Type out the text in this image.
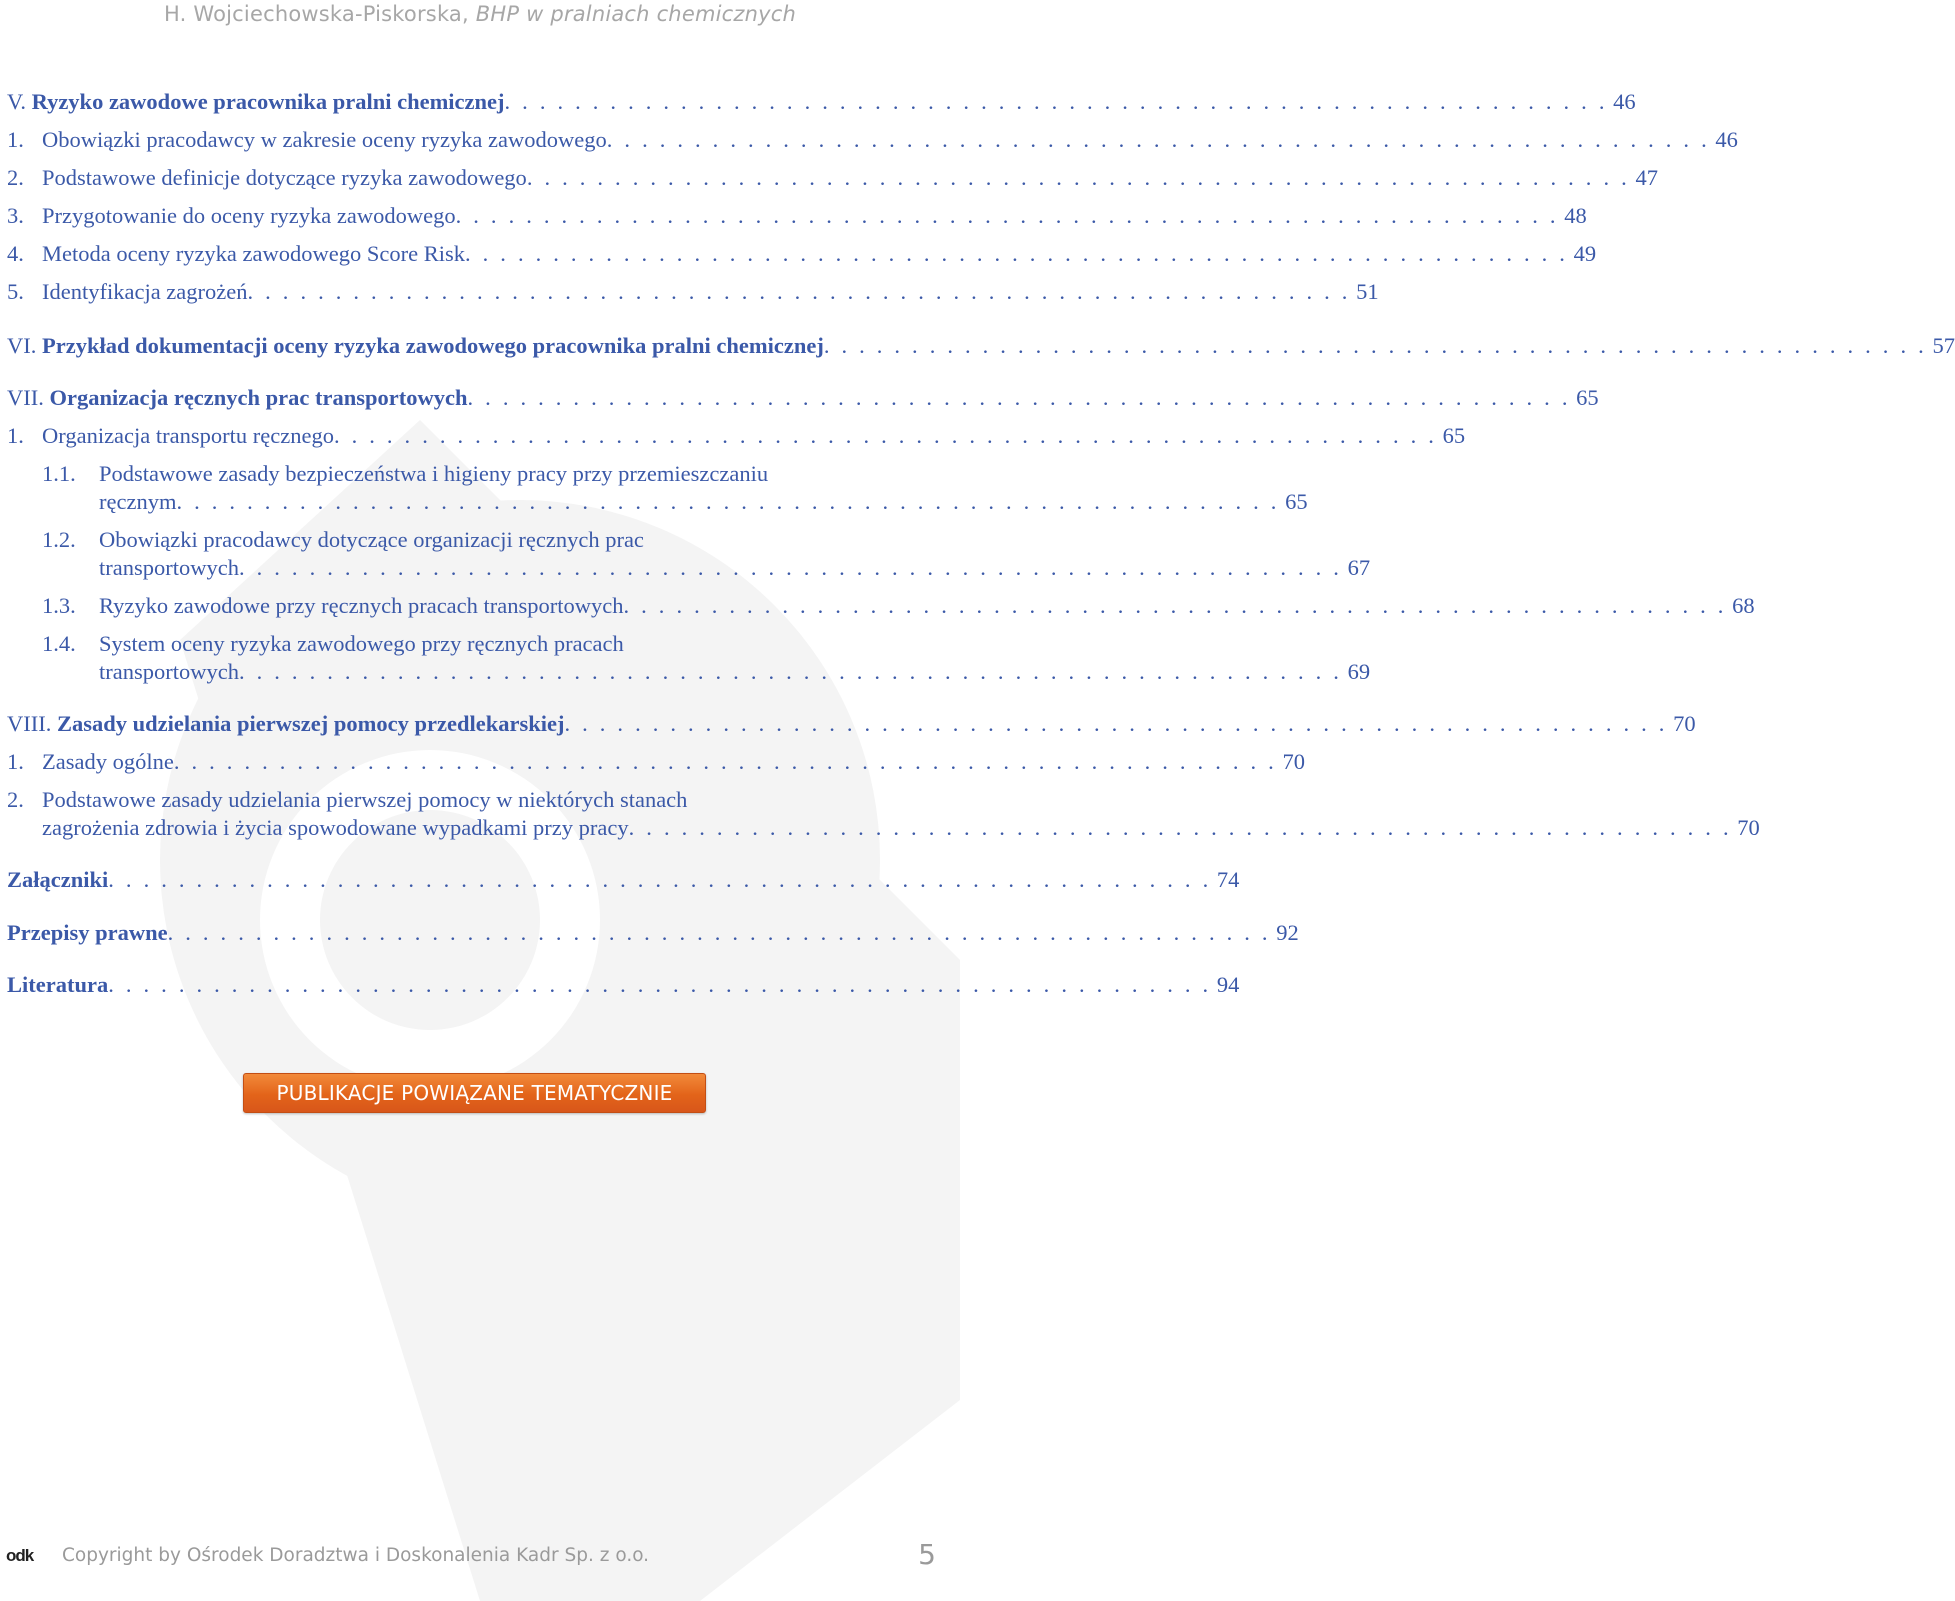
H. Wojciechowska-Piskorska, BHP w pralniach chemicznych
V. Ryzyko zawodowe pracownika pralni chemicznej . . . . . . . . . . . . . . . . . . . . . . . . . . . . . . . . . . . . . . . . . . . . . . . . . . . . . . . . . . . . . . . 46
1. Obowiązki pracodawcy w zakresie oceny ryzyka zawodowego . . . . . . . . . . . . . . . . . . . . . . . . . . . . . . . . . . . . . . . . . . . . . . . . . . . . . . . . . . . . . . . 46
2. Podstawowe definicje dotyczące ryzyka zawodowego . . . . . . . . . . . . . . . . . . . . . . . . . . . . . . . . . . . . . . . . . . . . . . . . . . . . . . . . . . . . . . . 47
3. Przygotowanie do oceny ryzyka zawodowego . . . . . . . . . . . . . . . . . . . . . . . . . . . . . . . . . . . . . . . . . . . . . . . . . . . . . . . . . . . . . . . 48
4. Metoda oceny ryzyka zawodowego Score Risk . . . . . . . . . . . . . . . . . . . . . . . . . . . . . . . . . . . . . . . . . . . . . . . . . . . . . . . . . . . . . . . 49
5. Identyfikacja zagrożeń . . . . . . . . . . . . . . . . . . . . . . . . . . . . . . . . . . . . . . . . . . . . . . . . . . . . . . . . . . . . . . . 51
VI. Przykład dokumentacji oceny ryzyka zawodowego pracownika pralni chemicznej . . . . . . . . . . . . . . . . . . . . . . . . . . . . . . . . . . . . . . . . . . . . . . . . . . . . . . . . . . . . . . . 57
VII. Organizacja ręcznych prac transportowych . . . . . . . . . . . . . . . . . . . . . . . . . . . . . . . . . . . . . . . . . . . . . . . . . . . . . . . . . . . . . . . 65
1. Organizacja transportu ręcznego . . . . . . . . . . . . . . . . . . . . . . . . . . . . . . . . . . . . . . . . . . . . . . . . . . . . . . . . . . . . . . . 65
1.1.	Podstawowe zasady bezpieczeństwa i higieny pracy przy przemieszczaniu
ręcznym . . . . . . . . . . . . . . . . . . . . . . . . . . . . . . . . . . . . . . . . . . . . . . . . . . . . . . . . . . . . . . . 65
1.2.	Obowiązki pracodawcy dotyczące organizacji ręcznych prac
transportowych . . . . . . . . . . . . . . . . . . . . . . . . . . . . . . . . . . . . . . . . . . . . . . . . . . . . . . . . . . . . . . . 67
1.3.	Ryzyko zawodowe przy ręcznych pracach transportowych . . . . . . . . . . . . . . . . . . . . . . . . . . . . . . . . . . . . . . . . . . . . . . . . . . . . . . . . . . . . . . . 68
1.4.	System oceny ryzyka zawodowego przy ręcznych pracach
transportowych . . . . . . . . . . . . . . . . . . . . . . . . . . . . . . . . . . . . . . . . . . . . . . . . . . . . . . . . . . . . . . . 69
VIII. Zasady udzielania pierwszej pomocy przedlekarskiej . . . . . . . . . . . . . . . . . . . . . . . . . . . . . . . . . . . . . . . . . . . . . . . . . . . . . . . . . . . . . . . 70
1. Zasady ogólne . . . . . . . . . . . . . . . . . . . . . . . . . . . . . . . . . . . . . . . . . . . . . . . . . . . . . . . . . . . . . . . 70
2. Podstawowe zasady udzielania pierwszej pomocy w niektórych stanach
zagrożenia zdrowia i życia spowodowane wypadkami przy pracy . . . . . . . . . . . . . . . . . . . . . . . . . . . . . . . . . . . . . . . . . . . . . . . . . . . . . . . . . . . . . . . 70
Załączniki . . . . . . . . . . . . . . . . . . . . . . . . . . . . . . . . . . . . . . . . . . . . . . . . . . . . . . . . . . . . . . . 74
Przepisy prawne . . . . . . . . . . . . . . . . . . . . . . . . . . . . . . . . . . . . . . . . . . . . . . . . . . . . . . . . . . . . . . . 92
Literatura . . . . . . . . . . . . . . . . . . . . . . . . . . . . . . . . . . . . . . . . . . . . . . . . . . . . . . . . . . . . . . . 94
PUBLIKACJE POWIĄZANE TEMATYCZNIE
odk Copyright by Ośrodek Doradztwa i Doskonalenia Kadr Sp. z o.o.	5
